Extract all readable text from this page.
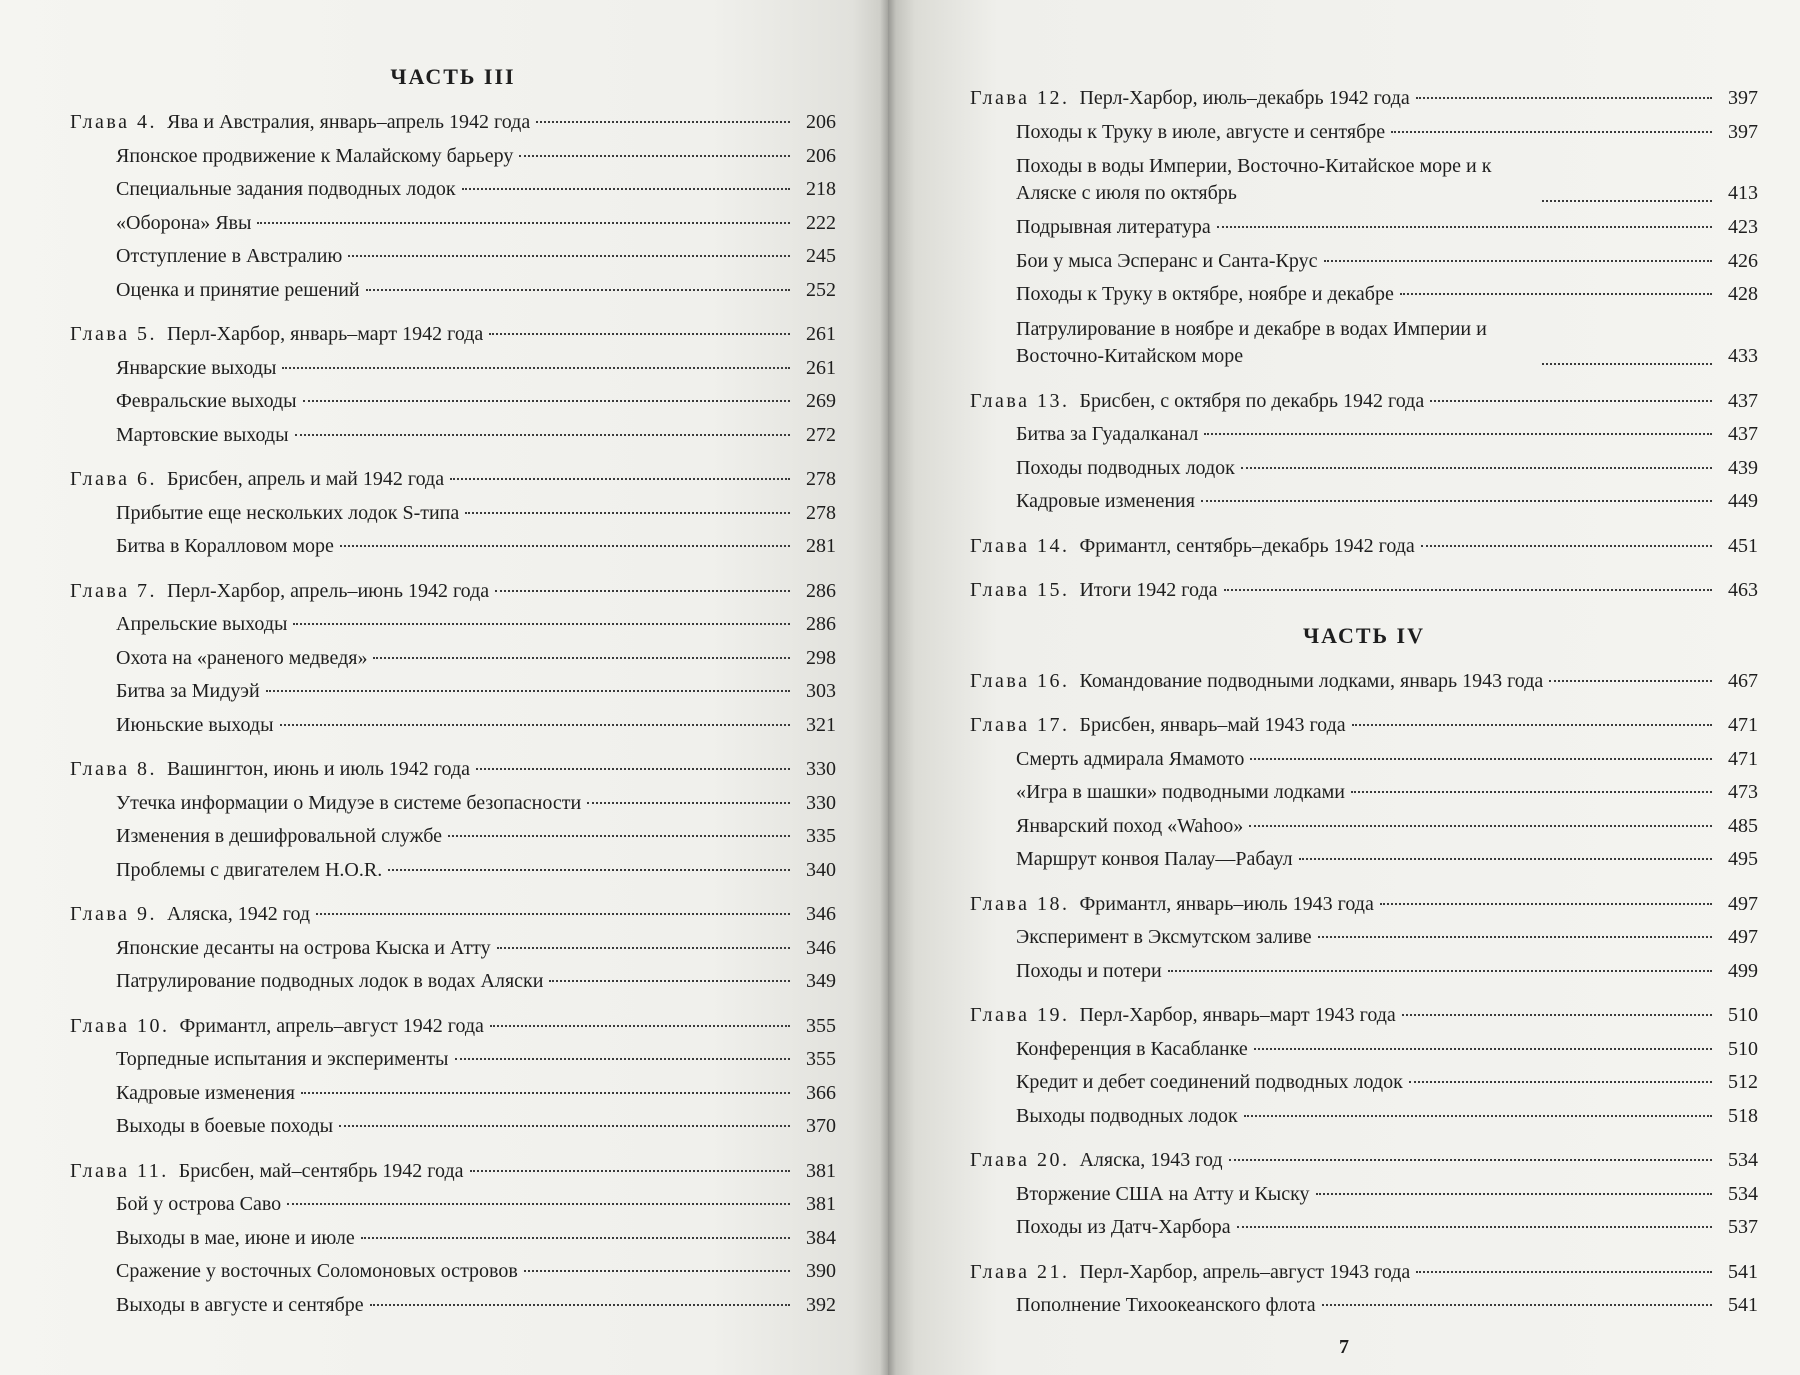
ЧАСТЬ III
Глава 4. Ява и Австралия, январь–апрель 1942 года	206
Японское продвижение к Малайскому барьеру	206
Специальные задания подводных лодок	218
«Оборона» Явы	222
Отступление в Австралию	245
Оценка и принятие решений	252
Глава 5. Перл-Харбор, январь–март 1942 года	261
Январские выходы	261
Февральские выходы	269
Мартовские выходы	272
Глава 6. Брисбен, апрель и май 1942 года	278
Прибытие еще нескольких лодок S-типа	278
Битва в Коралловом море	281
Глава 7. Перл-Харбор, апрель–июнь 1942 года	286
Апрельские выходы	286
Охота на «раненого медведя»	298
Битва за Мидуэй	303
Июньские выходы	321
Глава 8. Вашингтон, июнь и июль 1942 года	330
Утечка информации о Мидуэе в системе безопасности	330
Изменения в дешифровальной службе	335
Проблемы с двигателем H.O.R.	340
Глава 9. Аляска, 1942 год	346
Японские десанты на острова Кыска и Атту	346
Патрулирование подводных лодок в водах Аляски	349
Глава 10. Фримантл, апрель–август 1942 года	355
Торпедные испытания и эксперименты	355
Кадровые изменения	366
Выходы в боевые походы	370
Глава 11. Брисбен, май–сентябрь 1942 года	381
Бой у острова Саво	381
Выходы в мае, июне и июле	384
Сражение у восточных Соломоновых островов	390
Выходы в августе и сентябре	392
Глава 12. Перл-Харбор, июль–декабрь 1942 года	397
Походы к Труку в июле, августе и сентябре	397
Походы в воды Империи, Восточно-Китайское море и к Аляске с июля по октябрь	413
Подрывная литература	423
Бои у мыса Эсперанс и Санта-Крус	426
Походы к Труку в октябре, ноябре и декабре	428
Патрулирование в ноябре и декабре в водах Империи и Восточно-Китайском море	433
Глава 13. Брисбен, с октября по декабрь 1942 года	437
Битва за Гуадалканал	437
Походы подводных лодок	439
Кадровые изменения	449
Глава 14. Фримантл, сентябрь–декабрь 1942 года	451
Глава 15. Итоги 1942 года	463
ЧАСТЬ IV
Глава 16. Командование подводными лодками, январь 1943 года	467
Глава 17. Брисбен, январь–май 1943 года	471
Смерть адмирала Ямамото	471
«Игра в шашки» подводными лодками	473
Январский поход «Wahoo»	485
Маршрут конвоя Палау—Рабаул	495
Глава 18. Фримантл, январь–июль 1943 года	497
Эксперимент в Эксмутском заливе	497
Походы и потери	499
Глава 19. Перл-Харбор, январь–март 1943 года	510
Конференция в Касабланке	510
Кредит и дебет соединений подводных лодок	512
Выходы подводных лодок	518
Глава 20. Аляска, 1943 год	534
Вторжение США на Атту и Кыску	534
Походы из Датч-Харбора	537
Глава 21. Перл-Харбор, апрель–август 1943 года	541
Пополнение Тихоокеанского флота	541
7
